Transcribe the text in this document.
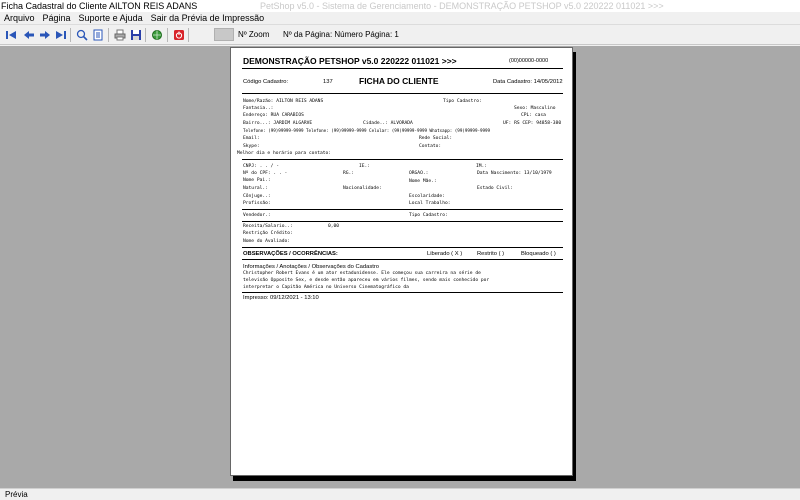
Ficha Cadastral do Cliente AILTON REIS ADANS	PetShop v5.0 - Sistema de Gerenciamento - DEMONSTRAÇÃO PETSHOP v5.0 220222 011021 >>>
Arquivo Página Suporte e Ajuda Sair da Prévia de Impressão
Nº Zoom Nº da Página: Número Página: 1
DEMONSTRAÇÃO PETSHOP v5.0 220222 011021 >>>	(00)00000-0000
Código Cadastro:	137	FICHA DO CLIENTE	Data Cadastro: 14/05/2012
Nome/Razão: AILTON REIS ADANS	Tipo Cadastro:
Fantasia..:	Sexo: Masculino
Endereço: RUA CARABIOS	CPL: casa
Bairro...: JARDIM ALGARVE	Cidade..: ALVORADA	UF: RS CEP: 94858-380
Telefone: (99)99999-9999 Telefone: (99)99999-9999 Celular: (99)99999-9999 Whatsapp: (99)99999-9999
Email:	Rede Social:
Skype:	Contato:
Melhor dia e horário para contato:
CNPJ: . . / -	IE.:	IM.:
Nº do CPF: . . -	RG.:	ORGAO.:	Data Nascimento: 13/10/1979
Nome Pai.:	Nome Mãe.:
Natural.:	Nacionalidade:	Estado Civil:
Cônjuge..:	Escolaridade:
Profissão:	Local Trabalho:
Vendedor.:	Tipo Cadastro:
Receita/Salario..:	0,00
Restrição Crédito:
Nome do Avaliado:
OBSERVAÇÕES / OCORRÊNCIAS:	Liberado ( X )	Restrito ( )	Bloqueado ( )
Informações / Anotações / Observações do Cadastro
Christopher Robert Evans é um ator estadunidense. Ele começou sua carreira na série de
televisão Opposite Sex, e desde então apareceu em vários filmes, sendo mais conhecido por
interpretar o Capitão América no Universo Cinematográfico da
Impresso: 09/12/2021 - 13:10
Prévia
